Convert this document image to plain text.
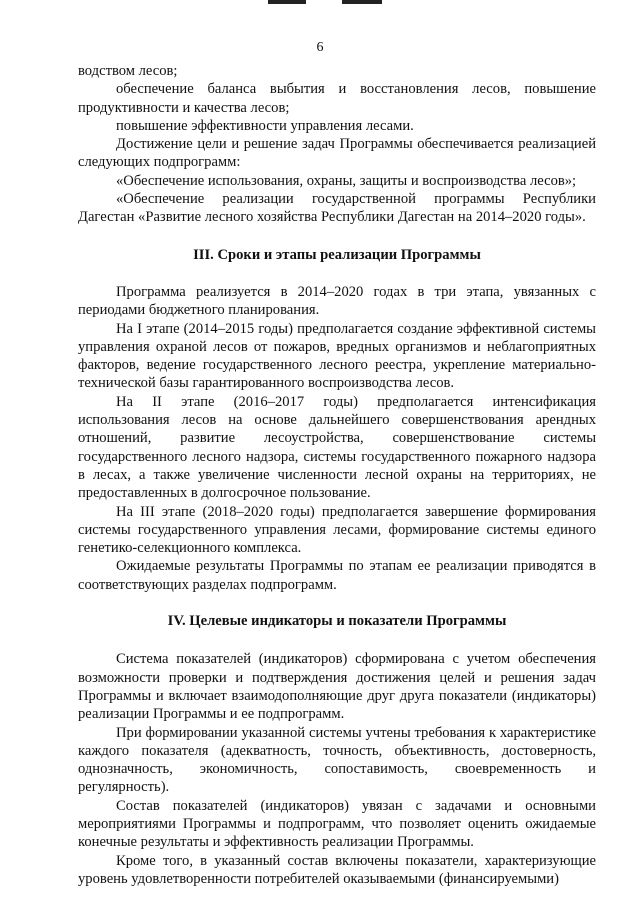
6

водством лесов;

обеспечение баланса выбытия и восстановления лесов, повышение продуктивности и качества лесов;

повышение эффективности управления лесами.

Достижение цели и решение задач Программы обеспечивается реализацией следующих подпрограмм:

«Обеспечение использования, охраны, защиты и воспроизводства лесов»;

«Обеспечение реализации государственной программы Республики Дагестан «Развитие лесного хозяйства Республики Дагестан на 2014–2020 годы».

III. Сроки и этапы реализации Программы

Программа реализуется в 2014–2020 годах в три этапа, увязанных с периодами бюджетного планирования.

На I этапе (2014–2015 годы) предполагается создание эффективной системы управления охраной лесов от пожаров, вредных организмов и неблагоприятных факторов, ведение государственного лесного реестра, укрепление материально-технической базы гарантированного воспроизводства лесов.

На II этапе (2016–2017 годы) предполагается интенсификация использования лесов на основе дальнейшего совершенствования арендных отношений, развитие лесоустройства, совершенствование системы государственного лесного надзора, системы государственного пожарного надзора в лесах, а также увеличение численности лесной охраны на территориях, не предоставленных в долгосрочное пользование.

На III этапе (2018–2020 годы) предполагается завершение формирования системы государственного управления лесами, формирование системы единого генетико-селекционного комплекса.

Ожидаемые результаты Программы по этапам ее реализации приводятся в соответствующих разделах подпрограмм.

IV. Целевые индикаторы и показатели Программы

Система показателей (индикаторов) сформирована с учетом обеспечения возможности проверки и подтверждения достижения целей и решения задач Программы и включает взаимодополняющие друг друга показатели (индикаторы) реализации Программы и ее подпрограмм.

При формировании указанной системы учтены требования к характеристике каждого показателя (адекватность, точность, объективность, достоверность, однозначность, экономичность, сопоставимость, своевременность и регулярность).

Состав показателей (индикаторов) увязан с задачами и основными мероприятиями Программы и подпрограмм, что позволяет оценить ожидаемые конечные результаты и эффективность реализации Программы.

Кроме того, в указанный состав включены показатели, характеризующие уровень удовлетворенности потребителей оказываемыми (финансируемыми)
